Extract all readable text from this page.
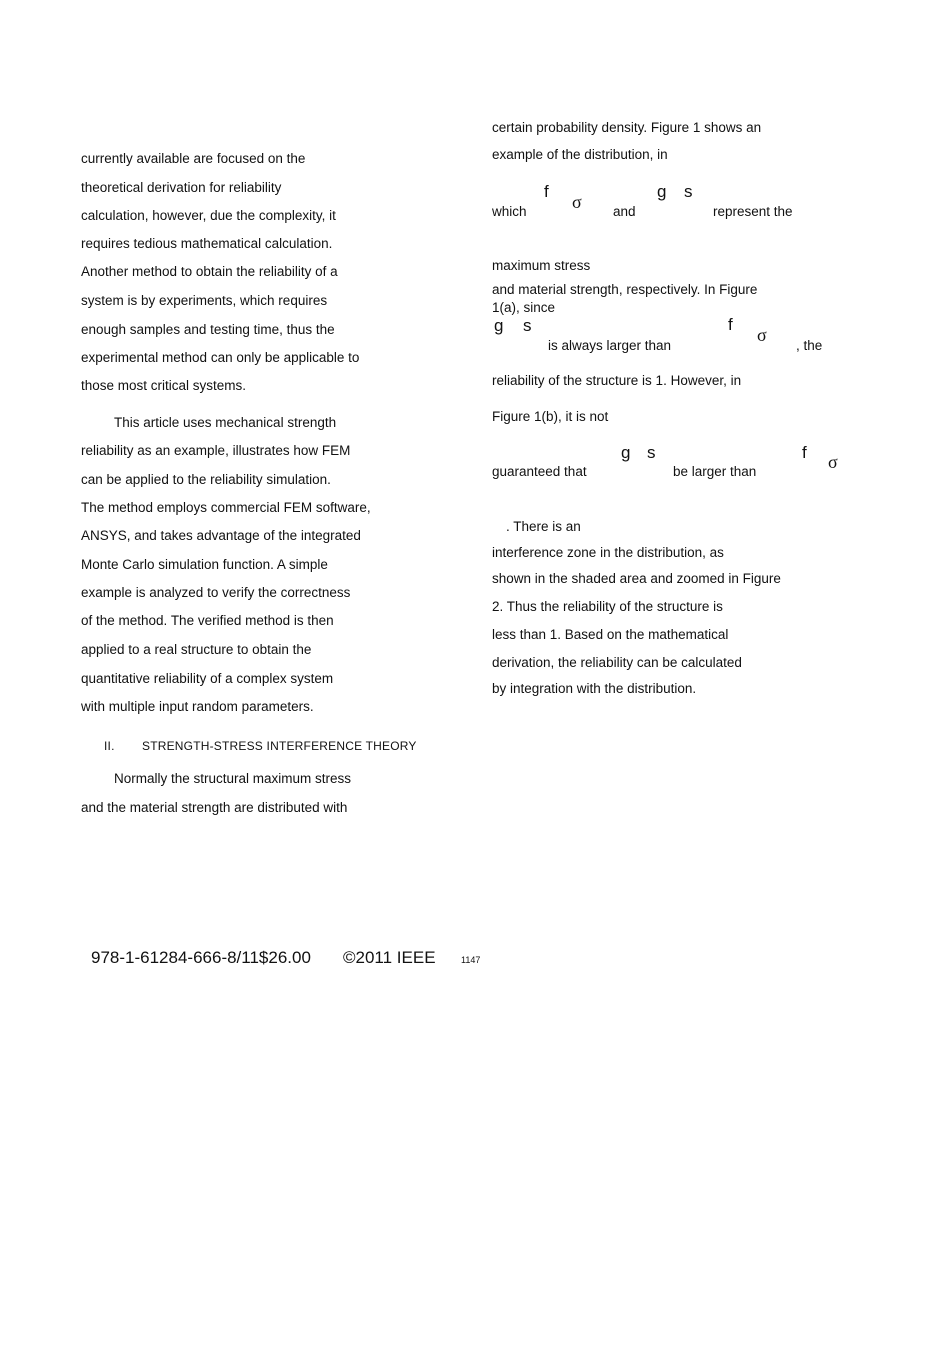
currently available are focused on the
theoretical derivation for reliability
calculation, however, due the complexity, it
requires tedious mathematical calculation.
Another method to obtain the reliability of a
system is by experiments, which requires
enough samples and testing time, thus the
experimental method can only be applicable to
those most critical systems.
This article uses mechanical strength
reliability as an example, illustrates how FEM
can be applied to the reliability simulation.
The method employs commercial FEM software,
ANSYS, and takes advantage of the integrated
Monte Carlo simulation function. A simple
example is analyzed to verify the correctness
of the method. The verified method is then
applied to a real structure to obtain the
quantitative reliability of a complex system
with multiple input random parameters.
II. STRENGTH-STRESS INTERFERENCE THEORY
Normally the structural maximum stress
and the material strength are distributed with
certain probability density. Figure 1 shows an
example of the distribution, in
f
σ
g s
which	and	represent the
maximum stress
and material strength, respectively. In Figure
1(a), since
g s	f
σ
is always larger than	, the
reliability of the structure is 1. However, in
Figure 1(b), it is not
g s	f σ
guaranteed that	be larger than
. There is an
interference zone in the distribution, as
shown in the shaded area and zoomed in Figure
2. Thus the reliability of the structure is
less than 1. Based on the mathematical
derivation, the reliability can be calculated
by integration with the distribution.
978-1-61284-666-8/11$26.00 ©2011 IEEE	1147
